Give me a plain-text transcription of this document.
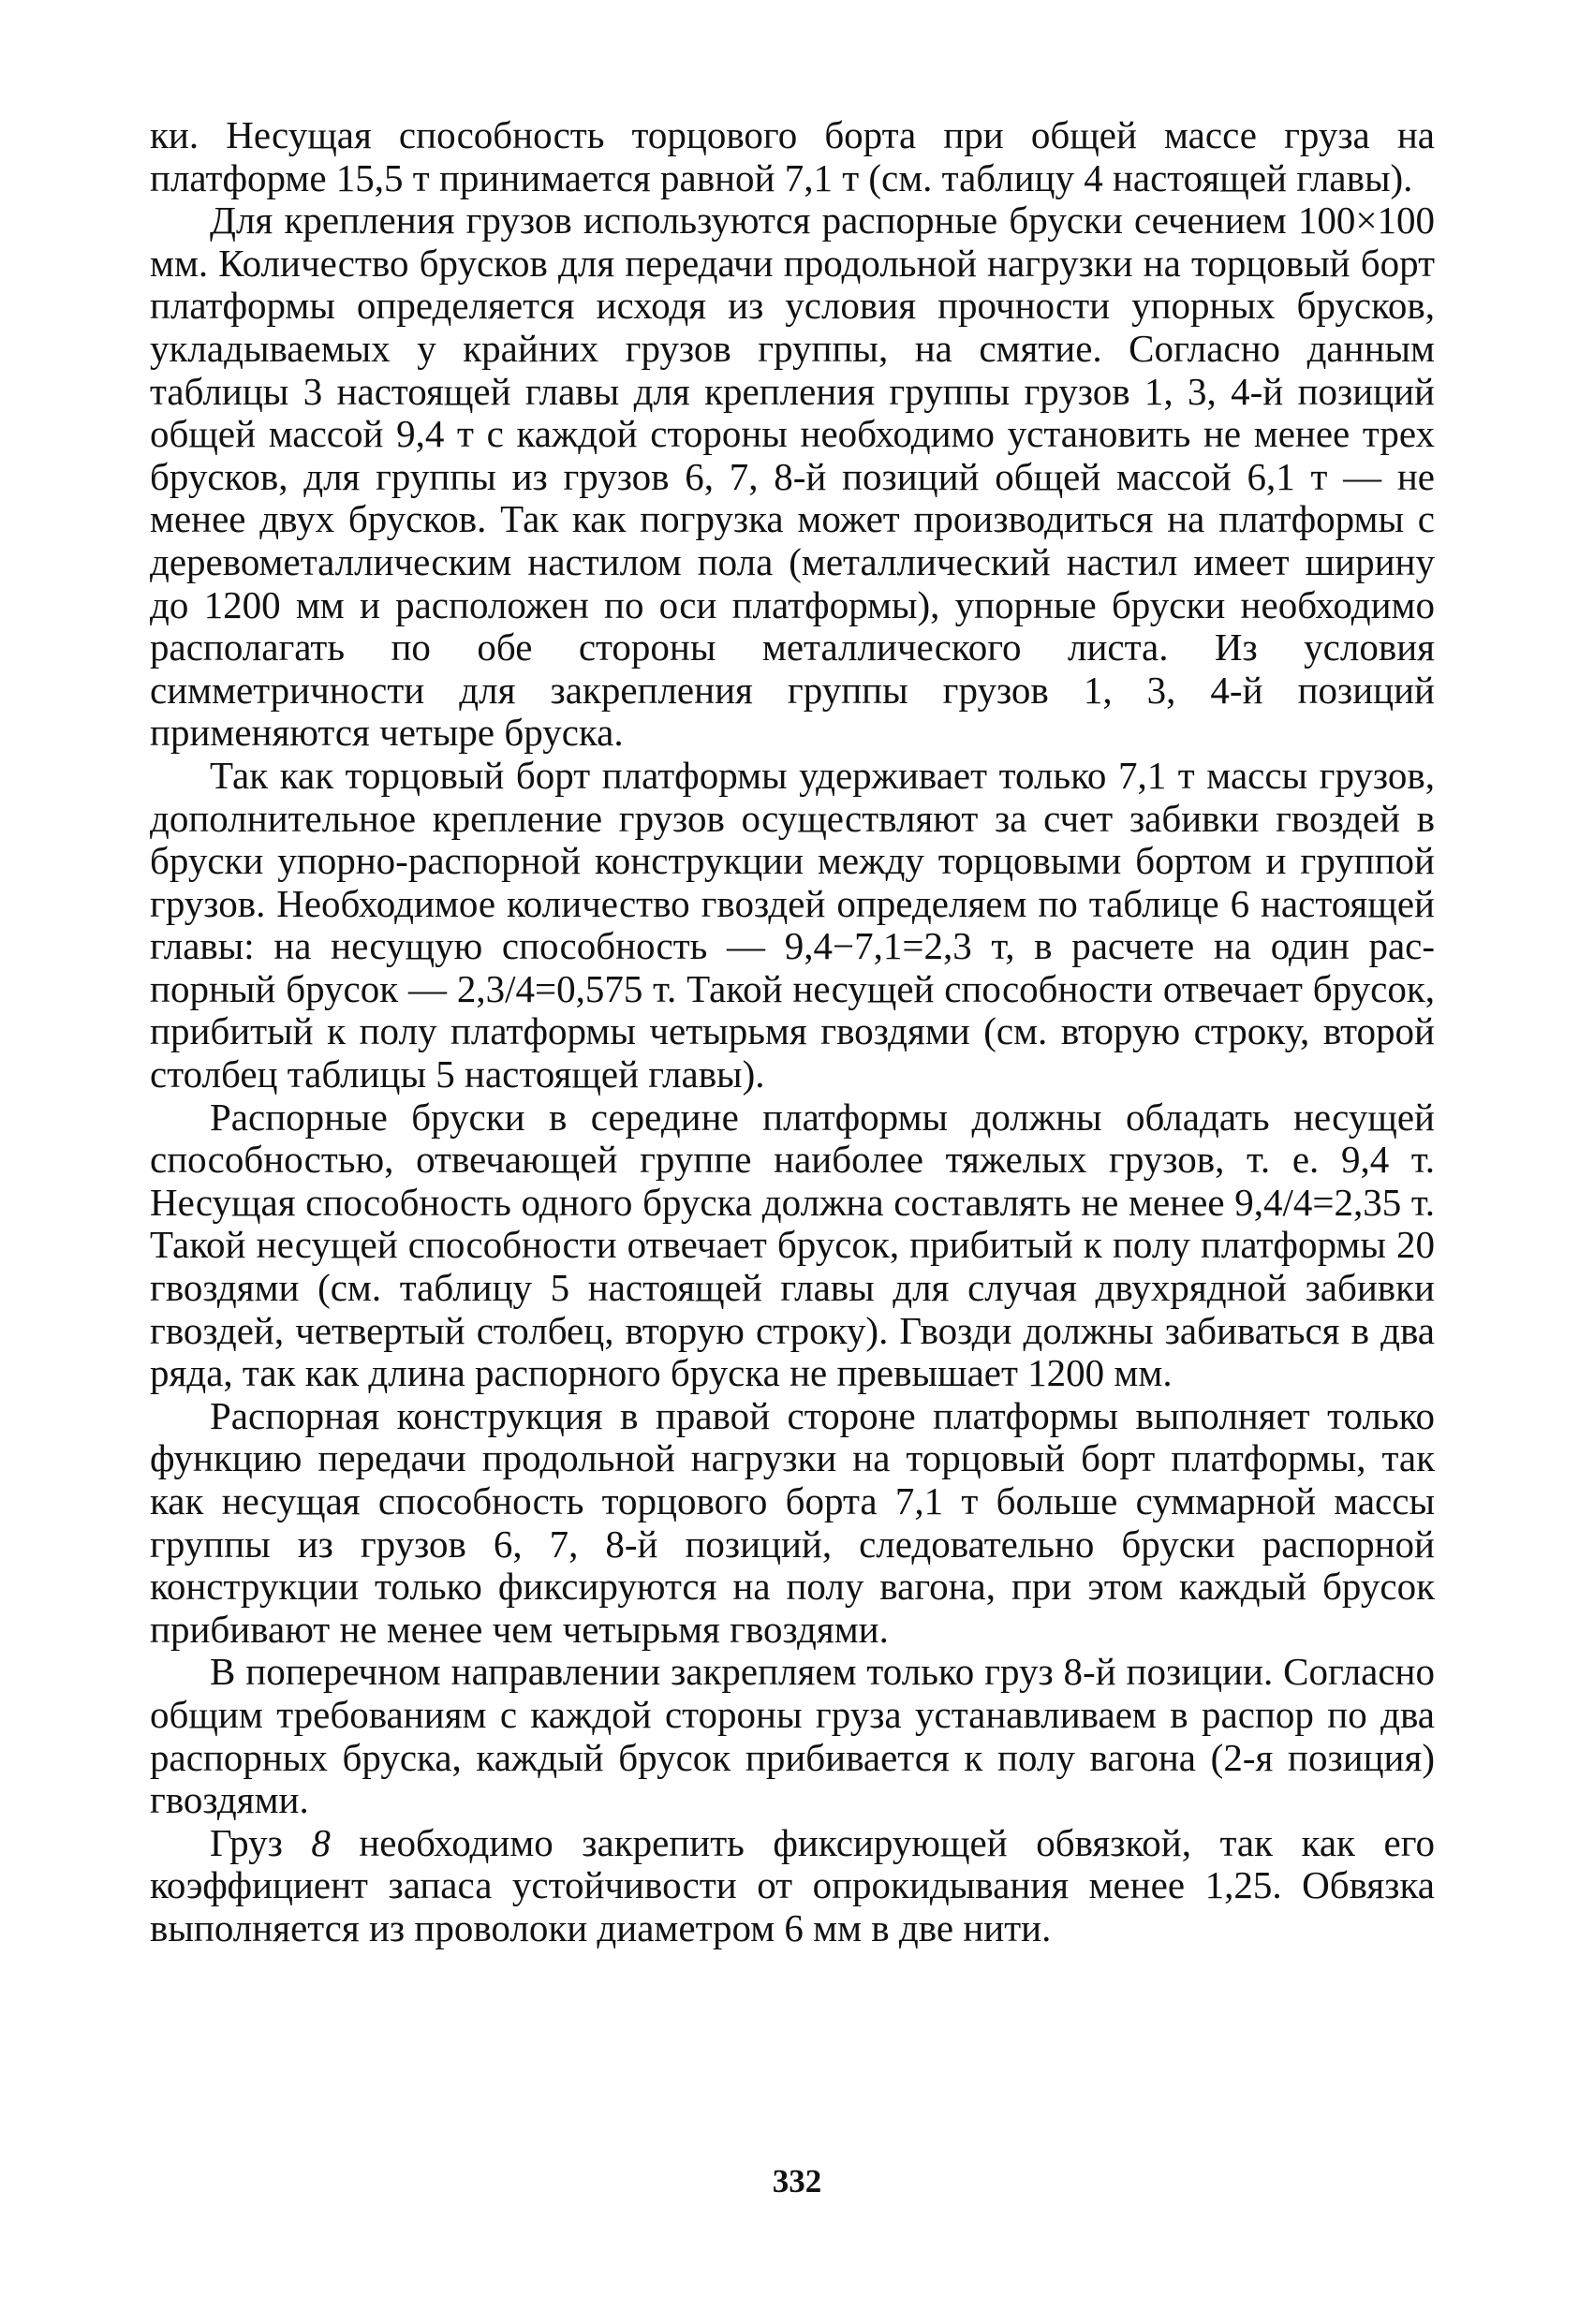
ки. Несущая способность торцового борта при общей массе груза на платформе 15,5 т принимается равной 7,1 т (см. таблицу 4 настоящей главы).

Для крепления грузов используются распорные бруски сечением 100×100 мм. Количество брусков для передачи продольной нагрузки на торцовый борт платформы определяется исходя из условия прочности упорных брусков, укладываемых у крайних грузов группы, на смятие. Согласно данным таблицы 3 настоящей главы для крепления группы грузов 1, 3, 4-й позиций общей массой 9,4 т с каждой стороны необходимо установить не менее трех брусков, для группы из грузов 6, 7, 8-й позиций общей массой 6,1 т — не менее двух брусков. Так как погрузка может производиться на платформы с деревометаллическим настилом пола (металлический настил имеет ширину до 1200 мм и расположен по оси платформы), упорные бруски необходимо располагать по обе стороны металлического листа. Из условия симметричности для закрепления группы грузов 1, 3, 4-й позиций применяются четыре бруска.

Так как торцовый борт платформы удерживает только 7,1 т массы грузов, дополнительное крепление грузов осуществляют за счет забивки гвоздей в бруски упорно-распорной конструкции между торцовыми бортом и группой грузов. Необходимое количество гвоздей определяем по таблице 6 настоящей главы: на несущую способность — 9,4−7,1=2,3 т, в расчете на один распорный брусок — 2,3/4=0,575 т. Такой несущей способности отвечает брусок, прибитый к полу платформы четырьмя гвоздями (см. вторую строку, второй столбец таблицы 5 настоящей главы).

Распорные бруски в середине платформы должны обладать несущей способностью, отвечающей группе наиболее тяжелых грузов, т. е. 9,4 т. Несущая способность одного бруска должна составлять не менее 9,4/4=2,35 т. Такой несущей способности отвечает брусок, прибитый к полу платформы 20 гвоздями (см. таблицу 5 настоящей главы для случая двухрядной забивки гвоздей, четвертый столбец, вторую строку). Гвозди должны забиваться в два ряда, так как длина распорного бруска не превышает 1200 мм.

Распорная конструкция в правой стороне платформы выполняет только функцию передачи продольной нагрузки на торцовый борт платформы, так как несущая способность торцового борта 7,1 т больше суммарной массы группы из грузов 6, 7, 8-й позиций, следовательно бруски распорной конструкции только фиксируются на полу вагона, при этом каждый брусок прибивают не менее чем четырьмя гвоздями.

В поперечном направлении закрепляем только груз 8-й позиции. Согласно общим требованиям с каждой стороны груза устанавливаем в распор по два распорных бруска, каждый брусок прибивается к полу вагона (2-я позиция) гвоздями.

Груз 8 необходимо закрепить фиксирующей обвязкой, так как его коэффициент запаса устойчивости от опрокидывания менее 1,25. Обвязка выполняется из проволоки диаметром 6 мм в две нити.

332
